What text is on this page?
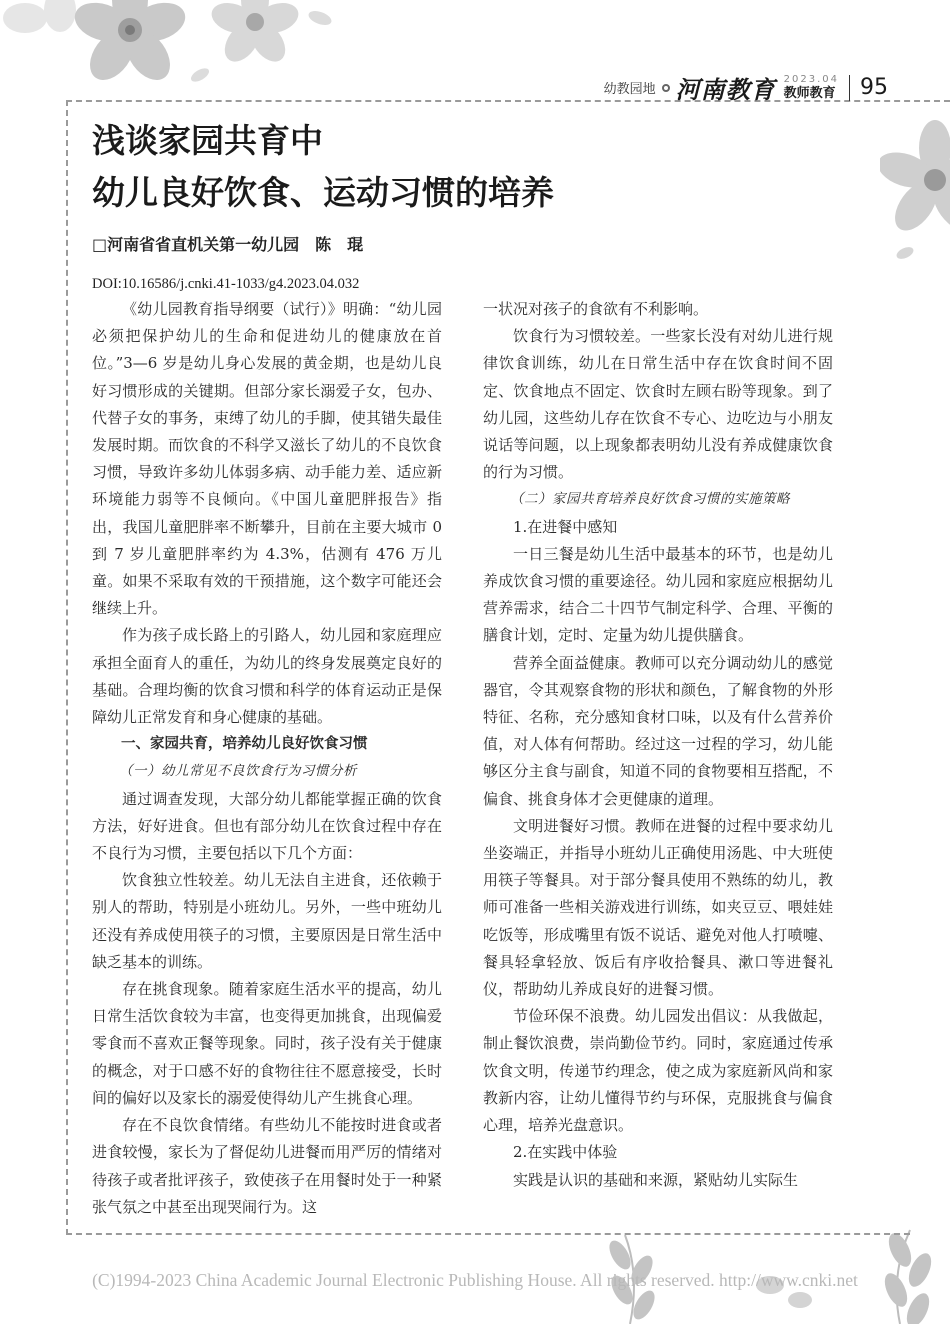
幼教园地 河南教育 2023.04
教师教育 95
浅谈家园共育中
幼儿良好饮食、运动习惯的培养
□河南省省直机关第一幼儿园　陈　琨
DOI:10.16586/j.cnki.41-1033/g4.2023.04.032

《幼儿园教育指导纲要（试行）》明确：“幼儿园必须把保护幼儿的生命和促进幼儿的健康放在首位。”3—6 岁是幼儿身心发展的黄金期，也是幼儿良好习惯形成的关键期。但部分家长溺爱子女，包办、代替子女的事务，束缚了幼儿的手脚，使其错失最佳发展时期。而饮食的不科学又滋长了幼儿的不良饮食习惯，导致许多幼儿体弱多病、动手能力差、适应新环境能力弱等不良倾向。《中国儿童肥胖报告》指出，我国儿童肥胖率不断攀升，目前在主要大城市 0 到 7 岁儿童肥胖率约为 4.3%，估测有 476 万儿童。如果不采取有效的干预措施，这个数字可能还会继续上升。

作为孩子成长路上的引路人，幼儿园和家庭理应承担全面育人的重任，为幼儿的终身发展奠定良好的基础。合理均衡的饮食习惯和科学的体育运动正是保障幼儿正常发育和身心健康的基础。

一、家园共育，培养幼儿良好饮食习惯

（一）幼儿常见不良饮食行为习惯分析

通过调查发现，大部分幼儿都能掌握正确的饮食方法，好好进食。但也有部分幼儿在饮食过程中存在不良行为习惯，主要包括以下几个方面：

饮食独立性较差。幼儿无法自主进食，还依赖于别人的帮助，特别是小班幼儿。另外，一些中班幼儿还没有养成使用筷子的习惯，主要原因是日常生活中缺乏基本的训练。

存在挑食现象。随着家庭生活水平的提高，幼儿日常生活饮食较为丰富，也变得更加挑食，出现偏爱零食而不喜欢正餐等现象。同时，孩子没有关于健康的概念，对于口感不好的食物往往不愿意接受，长时间的偏好以及家长的溺爱使得幼儿产生挑食心理。

存在不良饮食情绪。有些幼儿不能按时进食或者进食较慢，家长为了督促幼儿进餐而用严厉的情绪对待孩子或者批评孩子，致使孩子在用餐时处于一种紧张气氛之中甚至出现哭闹行为。这

一状况对孩子的食欲有不利影响。

饮食行为习惯较差。一些家长没有对幼儿进行规律饮食训练，幼儿在日常生活中存在饮食时间不固定、饮食地点不固定、饮食时左顾右盼等现象。到了幼儿园，这些幼儿存在饮食不专心、边吃边与小朋友说话等问题，以上现象都表明幼儿没有养成健康饮食的行为习惯。

（二）家园共育培养良好饮食习惯的实施策略

1.在进餐中感知

一日三餐是幼儿生活中最基本的环节，也是幼儿养成饮食习惯的重要途径。幼儿园和家庭应根据幼儿营养需求，结合二十四节气制定科学、合理、平衡的膳食计划，定时、定量为幼儿提供膳食。

营养全面益健康。教师可以充分调动幼儿的感觉器官，令其观察食物的形状和颜色，了解食物的外形特征、名称，充分感知食材口味，以及有什么营养价值，对人体有何帮助。经过这一过程的学习，幼儿能够区分主食与副食，知道不同的食物要相互搭配，不偏食、挑食身体才会更健康的道理。

文明进餐好习惯。教师在进餐的过程中要求幼儿坐姿端正，并指导小班幼儿正确使用汤匙、中大班使用筷子等餐具。对于部分餐具使用不熟练的幼儿，教师可准备一些相关游戏进行训练，如夹豆豆、喂娃娃吃饭等，形成嘴里有饭不说话、避免对他人打喷嚏、餐具轻拿轻放、饭后有序收拾餐具、漱口等进餐礼仪，帮助幼儿养成良好的进餐习惯。

节俭环保不浪费。幼儿园发出倡议：从我做起，制止餐饮浪费，崇尚勤俭节约。同时，家庭通过传承饮食文明，传递节约理念，使之成为家庭新风尚和家教新内容，让幼儿懂得节约与环保，克服挑食与偏食心理，培养光盘意识。

2.在实践中体验

实践是认识的基础和来源，紧贴幼儿实际生

(C)1994-2023 China Academic Journal Electronic Publishing House. All rights reserved. http://www.cnki.net
